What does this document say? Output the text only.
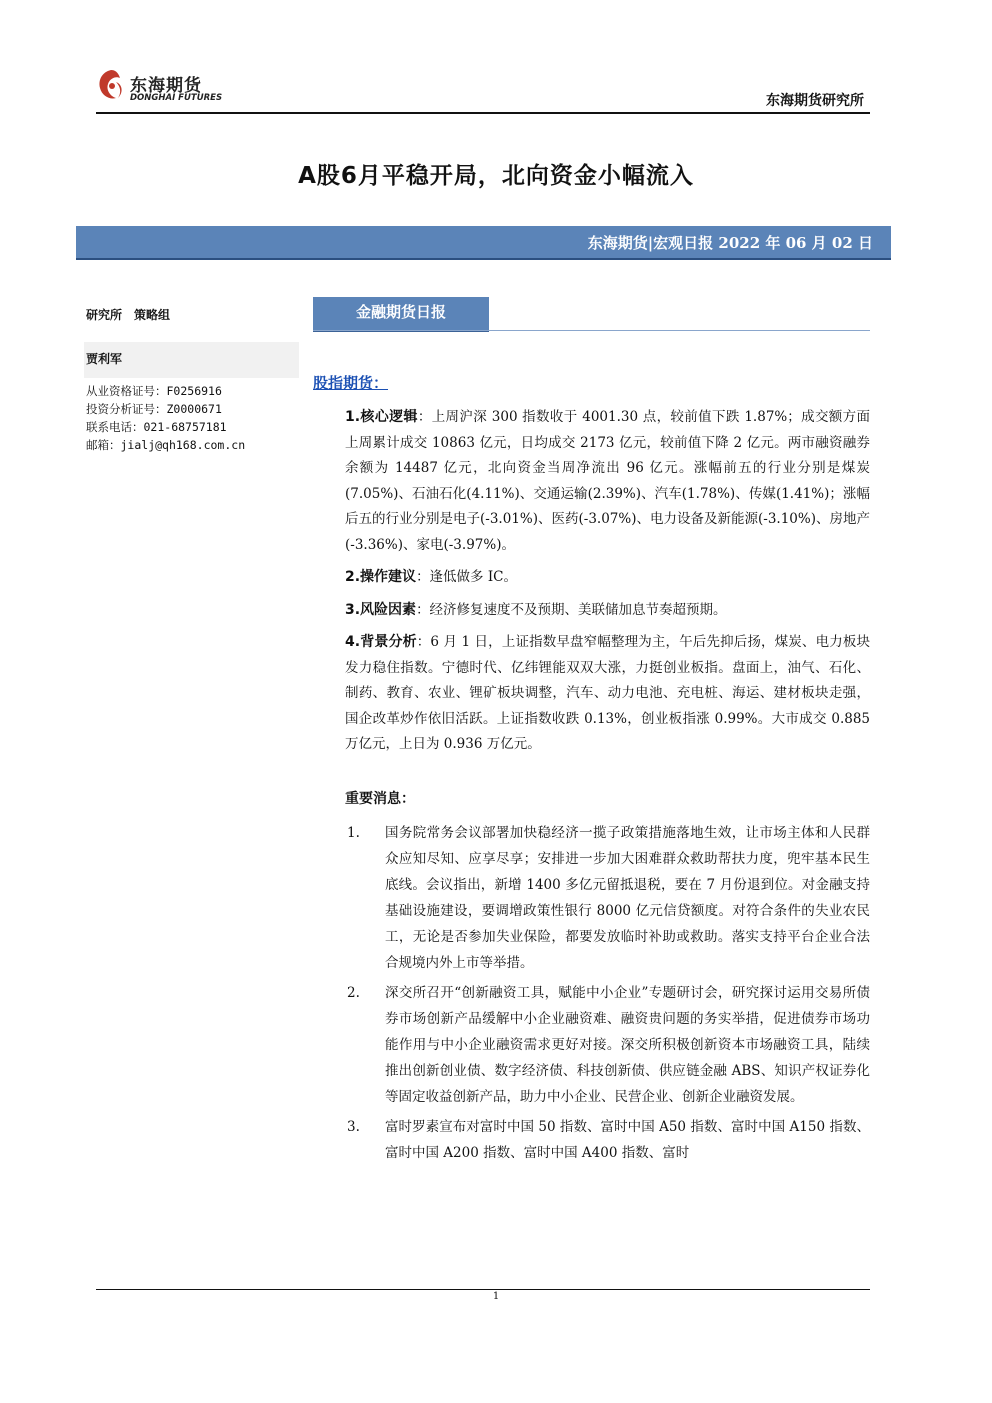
东海期货
DONGHAI FUTURES	东海期货研究所
A股6月平稳开局，北向资金小幅流入
东海期货|宏观日报 2022 年 06 月 02 日
研究所 策略组
贾利军
从业资格证号：F0256916
投资分析证号：Z0000671
联系电话：021-68757181
邮箱：jialj@qh168.com.cn
金融期货日报
股指期货：
1.核心逻辑：上周沪深 300 指数收于 4001.30 点，较前值下跌 1.87%；成交额方面上周累计成交 10863 亿元，日均成交 2173 亿元，较前值下降 2 亿元。两市融资融券余额为 14487 亿元，北向资金当周净流出 96 亿元。涨幅前五的行业分别是煤炭(7.05%)、石油石化(4.11%)、交通运输(2.39%)、汽车(1.78%)、传媒(1.41%)；涨幅后五的行业分别是电子(-3.01%)、医药(-3.07%)、电力设备及新能源(-3.10%)、房地产(-3.36%)、家电(-3.97%)。
2.操作建议：逢低做多 IC。
3.风险因素：经济修复速度不及预期、美联储加息节奏超预期。
4.背景分析：6 月 1 日，上证指数早盘窄幅整理为主，午后先抑后扬，煤炭、电力板块发力稳住指数。宁德时代、亿纬锂能双双大涨，力挺创业板指。盘面上，油气、石化、制药、教育、农业、锂矿板块调整，汽车、动力电池、充电桩、海运、建材板块走强，国企改革炒作依旧活跃。上证指数收跌 0.13%，创业板指涨 0.99%。大市成交 0.885 万亿元，上日为 0.936 万亿元。
重要消息：
1. 国务院常务会议部署加快稳经济一揽子政策措施落地生效，让市场主体和人民群众应知尽知、应享尽享；安排进一步加大困难群众救助帮扶力度，兜牢基本民生底线。会议指出，新增 1400 多亿元留抵退税，要在 7 月份退到位。对金融支持基础设施建设，要调增政策性银行 8000 亿元信贷额度。对符合条件的失业农民工，无论是否参加失业保险，都要发放临时补助或救助。落实支持平台企业合法合规境内外上市等举措。
2. 深交所召开“创新融资工具，赋能中小企业”专题研讨会，研究探讨运用交易所债券市场创新产品缓解中小企业融资难、融资贵问题的务实举措，促进债券市场功能作用与中小企业融资需求更好对接。深交所积极创新资本市场融资工具，陆续推出创新创业债、数字经济债、科技创新债、供应链金融 ABS、知识产权证券化等固定收益创新产品，助力中小企业、民营企业、创新企业融资发展。
3. 富时罗素宣布对富时中国 50 指数、富时中国 A50 指数、富时中国 A150 指数、富时中国 A200 指数、富时中国 A400 指数、富时
1
